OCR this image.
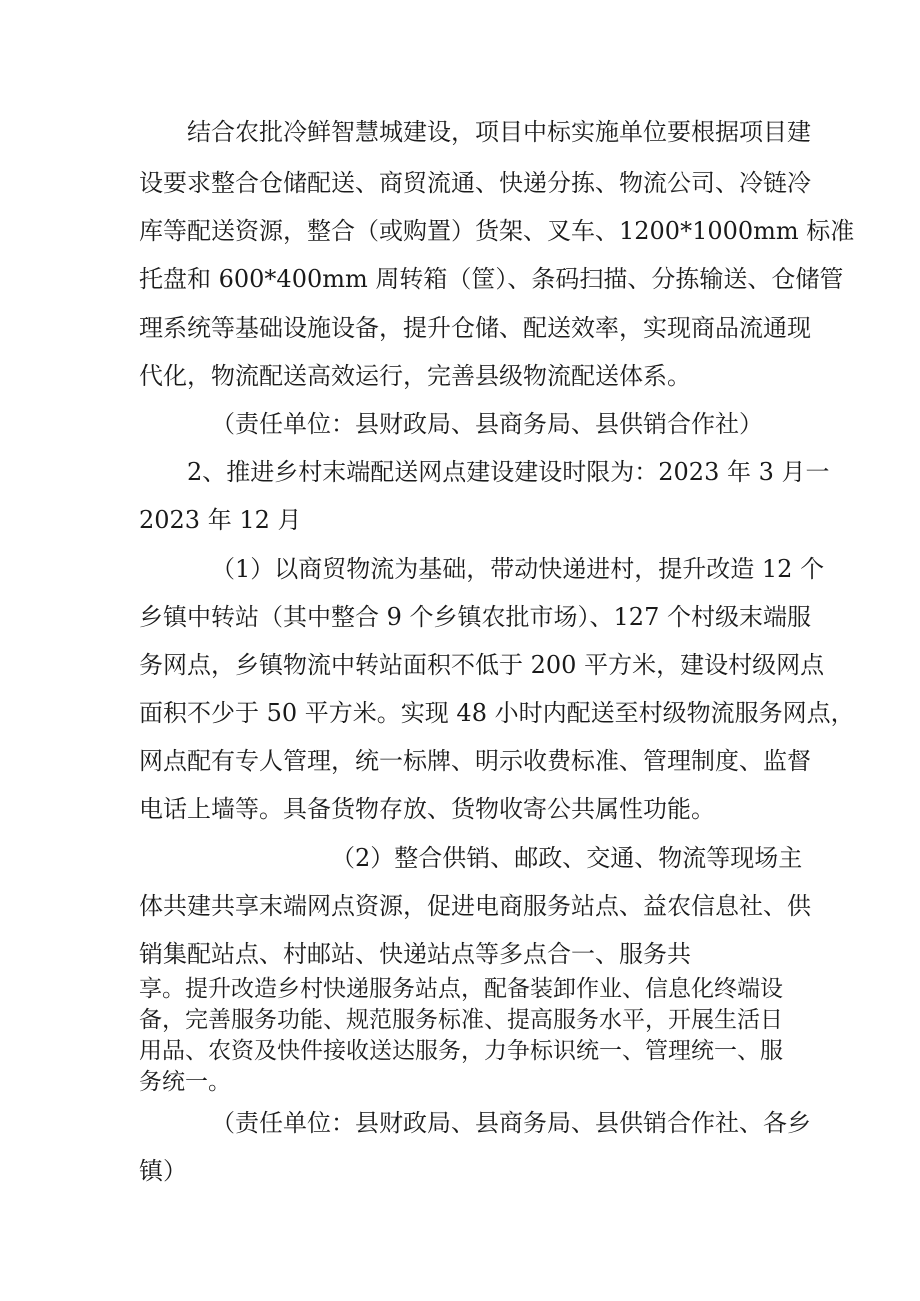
结合农批冷鲜智慧城建设，项目中标实施单位要根据项目建
设要求整合仓储配送、商贸流通、快递分拣、物流公司、冷链冷
库等配送资源，整合（或购置）货架、叉车、1200*1000mm 标准
托盘和 600*400mm 周转箱（筐）、条码扫描、分拣输送、仓储管
理系统等基础设施设备，提升仓储、配送效率，实现商品流通现
代化，物流配送高效运行，完善县级物流配送体系。
（责任单位：县财政局、县商务局、县供销合作社）
2、推进乡村末端配送网点建设建设时限为：2023 年 3 月一
2023 年 12 月
（1）以商贸物流为基础，带动快递进村，提升改造 12 个
乡镇中转站（其中整合 9 个乡镇农批市场）、127 个村级末端服
务网点，乡镇物流中转站面积不低于 200 平方米，建设村级网点
面积不少于 50 平方米。实现 48 小时内配送至村级物流服务网点，
网点配有专人管理，统一标牌、明示收费标准、管理制度、监督
电话上墙等。具备货物存放、货物收寄公共属性功能。
（2）整合供销、邮政、交通、物流等现场主
体共建共享末端网点资源，促进电商服务站点、益农信息社、供
销集配站点、村邮站、快递站点等多点合一、服务共
享。提升改造乡村快递服务站点，配备装卸作业、信息化终端设
备，完善服务功能、规范服务标准、提高服务水平，开展生活日
用品、农资及快件接收送达服务，力争标识统一、管理统一、服
务统一。
（责任单位：县财政局、县商务局、县供销合作社、各乡
镇）
